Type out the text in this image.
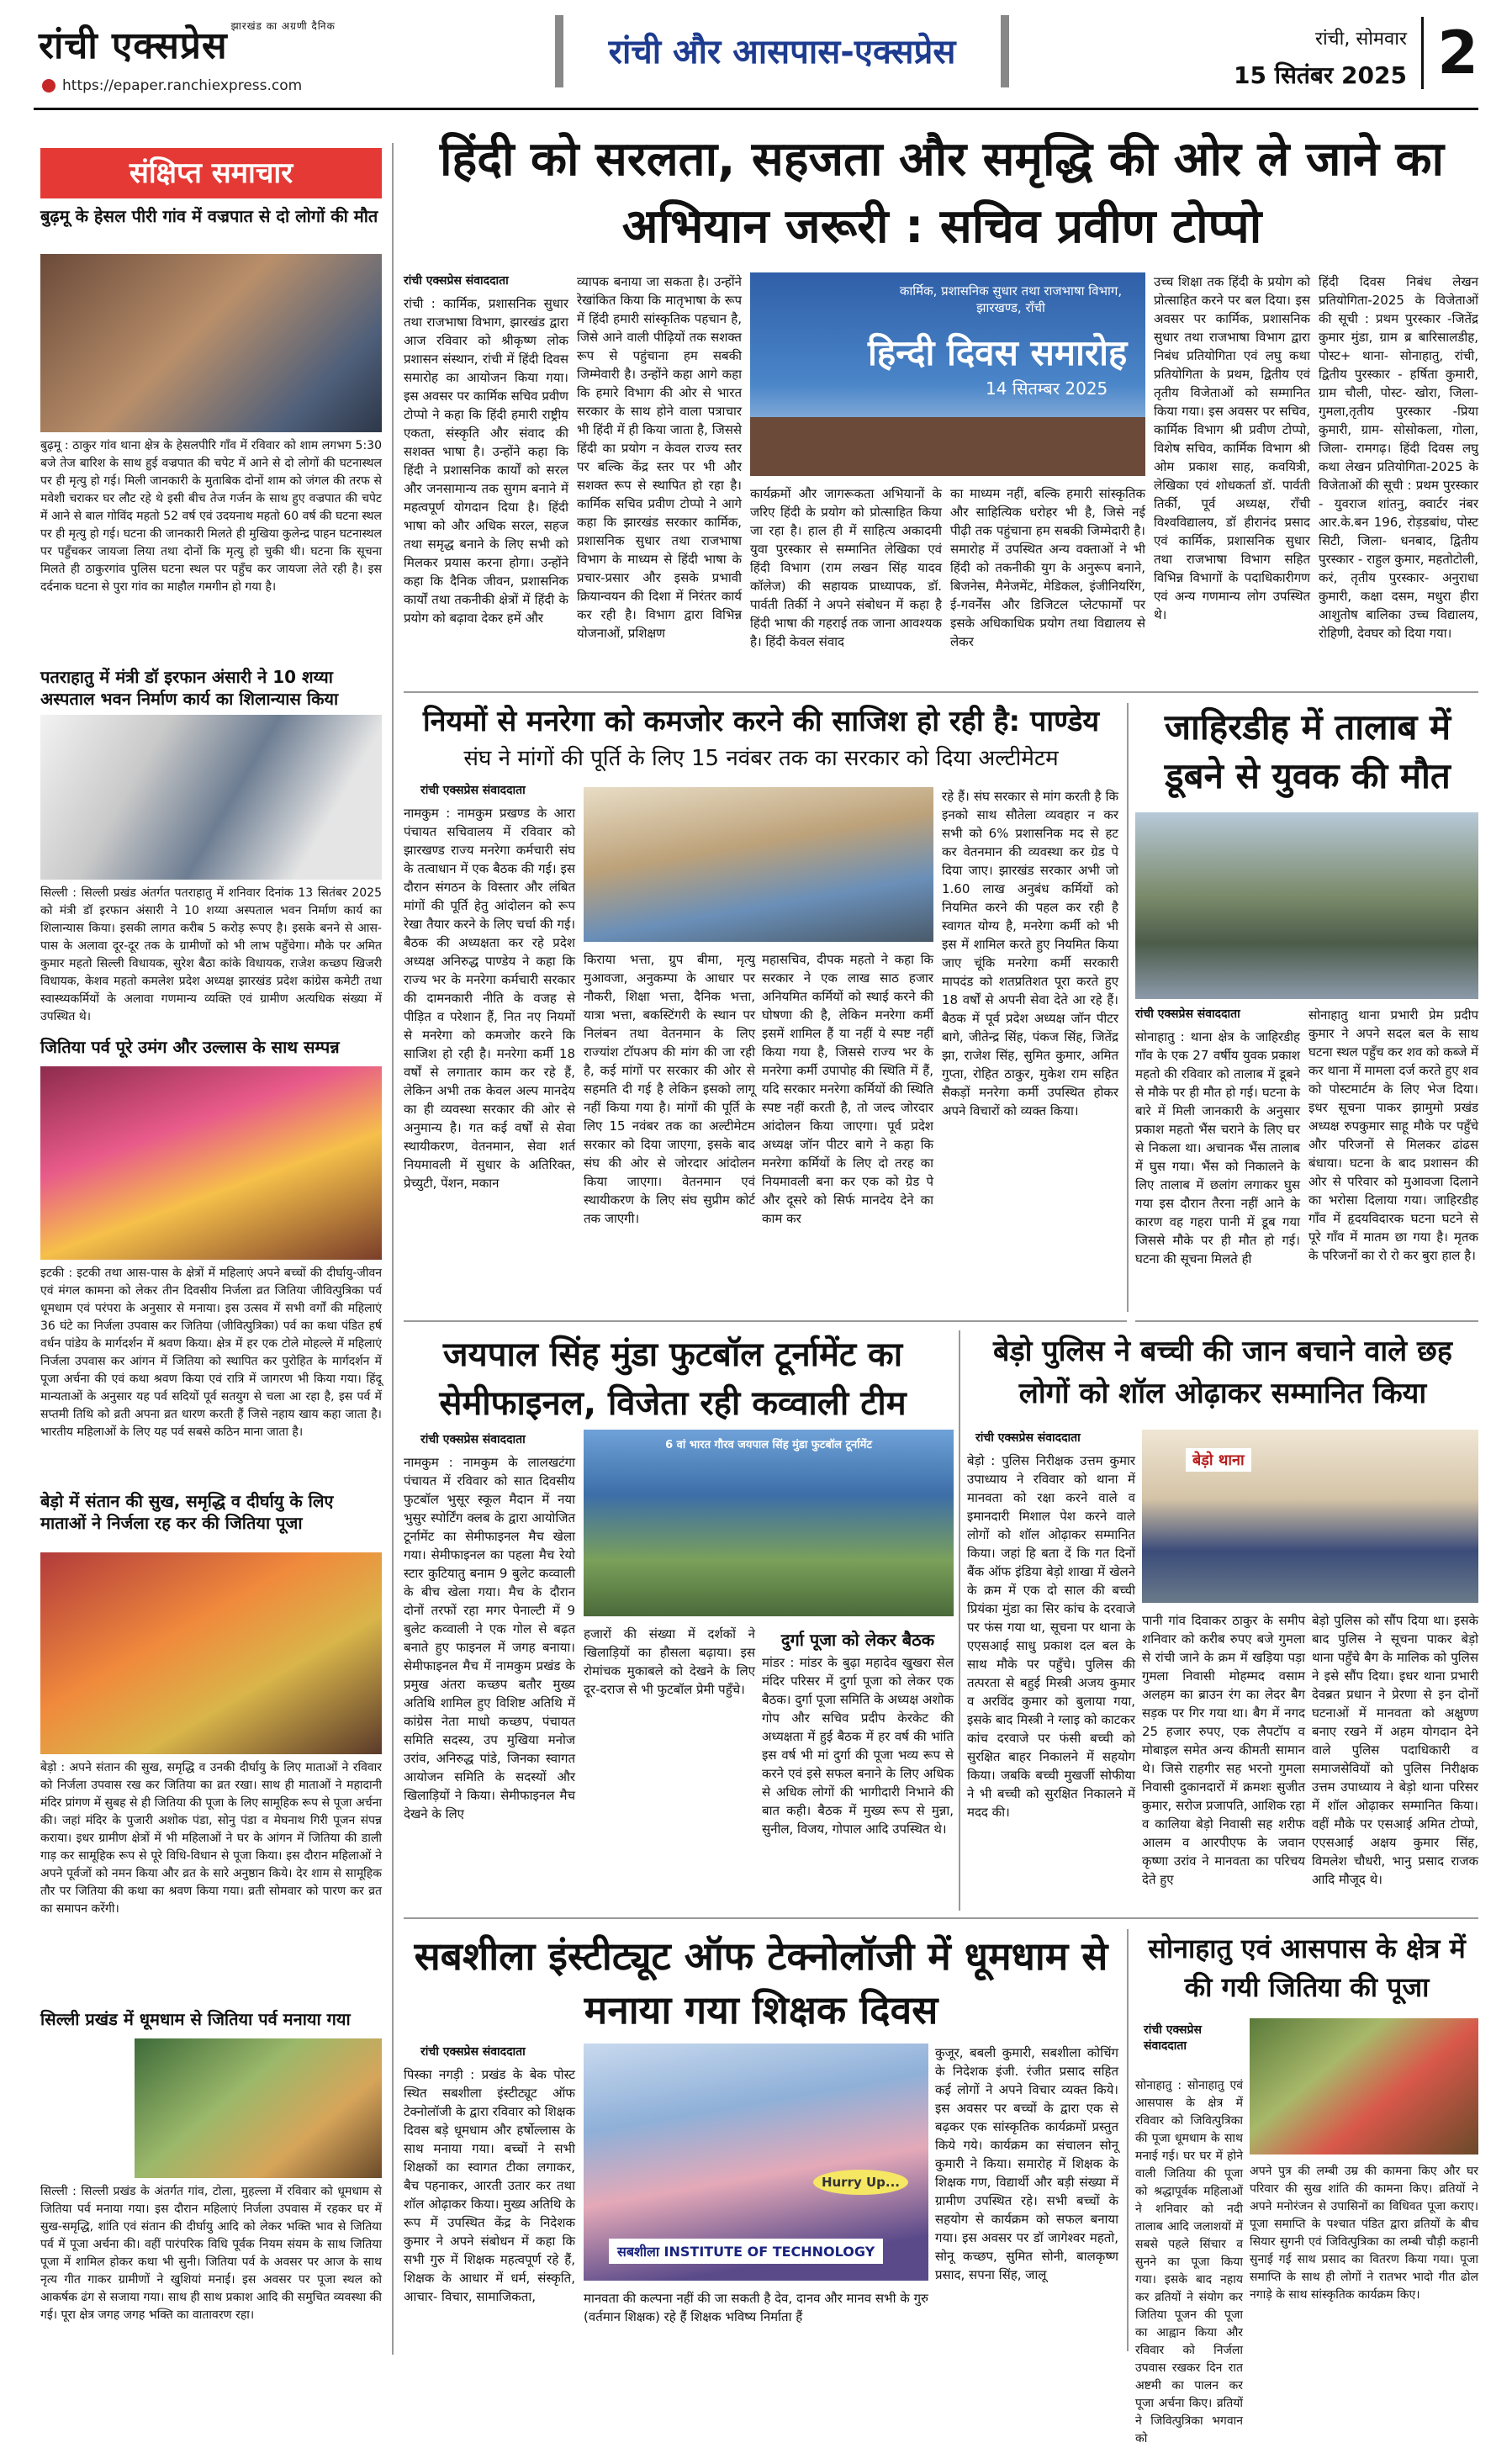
रांची एक्सप्रेस $^{झारखंड का अग्रणी दैनिक}$
https://epaper.ranchiexpress.com
रांची और आसपास-एक्सप्रेस	रांची, सोमवार
15 सितंबर 2025 2
संक्षिप्त समाचार
बुढ़मू के हेसल पीरी गांव में वज्रपात से दो लोगों की मौत
बुढ़मू : ठाकुर गांव थाना क्षेत्र के हेसलपीरि गाँव में रविवार को शाम लगभग 5:30 बजे तेज बारिश के साथ हुई वज्रपात की चपेट में आने से दो लोगों की घटनास्थल पर ही मृत्यु हो गई। मिली जानकारी के मुताबिक दोनों शाम को जंगल की तरफ से मवेशी चराकर घर लौट रहे थे इसी बीच तेज गर्जन के साथ हुए वज्रपात की चपेट में आने से बाल गोविंद महतो 52 वर्ष एवं उदयनाथ महतो 60 वर्ष की घटना स्थल पर ही मृत्यु हो गई। घटना की जानकारी मिलते ही मुखिया कुलेन्द्र पाहन घटनास्थल पर पहुँचकर जायजा लिया तथा दोनों कि मृत्यु हो चुकी थी। घटना कि सूचना मिलते ही ठाकुरगांव पुलिस घटना स्थल पर पहुँच कर जायजा लेते रही है। इस दर्दनाक घटना से पुरा गांव का माहौल गमगीन हो गया है।
पतराहातु में मंत्री डॉ इरफान अंसारी ने 10 शय्या अस्पताल भवन निर्माण कार्य का शिलान्यास किया
सिल्ली : सिल्ली प्रखंड अंतर्गत पतराहातु में शनिवार दिनांक 13 सितंबर 2025 को मंत्री डॉ इरफान अंसारी ने 10 शय्या अस्पताल भवन निर्माण कार्य का शिलान्यास किया। इसकी लागत करीब 5 करोड़ रूपए है। इसके बनने से आस-पास के अलावा दूर-दूर तक के ग्रामीणों को भी लाभ पहुँचेगा। मौके पर अमित कुमार महतो सिल्ली विधायक, सुरेश बैठा कांके विधायक, राजेश कच्छप खिजरी विधायक, केशव महतो कमलेश प्रदेश अध्यक्ष झारखंड प्रदेश कांग्रेस कमेटी तथा स्वास्थ्यकर्मियों के अलावा गणमान्य व्यक्ति एवं ग्रामीण अत्यधिक संख्या में उपस्थित थे।
जितिया पर्व पूरे उमंग और उल्लास के साथ सम्पन्न
इटकी : इटकी तथा आस-पास के क्षेत्रों में महिलाएं अपने बच्चों की दीर्घायु-जीवन एवं मंगल कामना को लेकर तीन दिवसीय निर्जला व्रत जितिया जीवित्पुत्रिका पर्व धूमधाम एवं परंपरा के अनुसार से मनाया। इस उत्सव में सभी वर्गों की महिलाएं 36 घंटे का निर्जला उपवास कर जितिया (जीवित्पुत्रिका) पर्व का कथा पंडित हर्ष वर्धन पांडेय के मार्गदर्शन में श्रवण किया। क्षेत्र में हर एक टोले मोहल्ले में महिलाएं निर्जला उपवास कर आंगन में जितिया को स्थापित कर पुरोहित के मार्गदर्शन में पूजा अर्चना की एवं कथा श्रवण किया एवं रात्रि में जागरण भी किया गया। हिंदू मान्यताओं के अनुसार यह पर्व सदियों पूर्व सतयुग से चला आ रहा है, इस पर्व में सप्तमी तिथि को व्रती अपना व्रत धारण करती हैं जिसे नहाय खाय कहा जाता है। भारतीय महिलाओं के लिए यह पर्व सबसे कठिन माना जाता है।
बेड़ो में संतान की सुख, समृद्धि व दीर्घायु के लिए माताओं ने निर्जला रह कर की जितिया पूजा
बेड़ो : अपने संतान की सुख, समृद्धि व उनकी दीर्घायु के लिए माताओं ने रविवार को निर्जला उपवास रख कर जितिया का व्रत रखा। साथ ही माताओं ने महादानी मंदिर प्रांगण में सुबह से ही जितिया की पूजा के लिए सामूहिक रूप से पूजा अर्चना की। जहां मंदिर के पुजारी अशोक पंडा, सोनु पंडा व मेघनाथ गिरी पूजन संपन्न कराया। इधर ग्रामीण क्षेत्रों में भी महिलाओं ने घर के आंगन में जितिया की डाली गाड़ कर सामूहिक रूप से पूरे विधि-विधान से पूजा किया। इस दौरान महिलाओं ने अपने पूर्वजों को नमन किया और व्रत के सारे अनुष्ठान किये। देर शाम से सामूहिक तौर पर जितिया की कथा का श्रवण किया गया। व्रती सोमवार को पारण कर व्रत का समापन करेंगी।
सिल्ली प्रखंड में धूमधाम से जितिया पर्व मनाया गया
सिल्ली : सिल्ली प्रखंड के अंतर्गत गांव, टोला, मुहल्ला में रविवार को धूमधाम से जितिया पर्व मनाया गया। इस दौरान महिलाएं निर्जला उपवास में रहकर घर में सुख-समृद्धि, शांति एवं संतान की दीर्घायु आदि को लेकर भक्ति भाव से जितिया पर्व में पूजा अर्चना की। वहीं पारंपरिक विधि पूर्वक नियम संयम के साथ जितिया पूजा में शामिल होकर कथा भी सुनी। जितिया पर्व के अवसर पर आज के साथ नृत्य गीत गाकर ग्रामीणों ने खुशियां मनाई। इस अवसर पर पूजा स्थल को आकर्षक ढंग से सजाया गया। साथ ही साथ प्रकाश आदि की समुचित व्यवस्था की गई। पूरा क्षेत्र जगह जगह भक्ति का वातावरण रहा।
हिंदी को सरलता, सहजता और समृद्धि की ओर ले जाने का अभियान जरूरी : सचिव प्रवीण टोप्पो
रांची एक्सप्रेस संवाददाता
रांची : कार्मिक, प्रशासनिक सुधार तथा राजभाषा विभाग, झारखंड द्वारा आज रविवार को श्रीकृष्ण लोक प्रशासन संस्थान, रांची में हिंदी दिवस समारोह का आयोजन किया गया। इस अवसर पर कार्मिक सचिव प्रवीण टोप्पो ने कहा कि हिंदी हमारी राष्ट्रीय एकता, संस्कृति और संवाद की सशक्त भाषा है। उन्होंने कहा कि हिंदी ने प्रशासनिक कार्यों को सरल और जनसामान्य तक सुगम बनाने में महत्वपूर्ण योगदान दिया है। हिंदी भाषा को और अधिक सरल, सहज तथा समृद्ध बनाने के लिए सभी को मिलकर प्रयास करना होगा। उन्होंने कहा कि दैनिक जीवन, प्रशासनिक कार्यों तथा तकनीकी क्षेत्रों में हिंदी के प्रयोग को बढ़ावा देकर हमें और
व्यापक बनाया जा सकता है। उन्होंने रेखांकित किया कि मातृभाषा के रूप में हिंदी हमारी सांस्कृतिक पहचान है, जिसे आने वाली पीढ़ियों तक सशक्त रूप से पहुंचाना हम सबकी जिम्मेवारी है। उन्होंने कहा आगे कहा कि हमारे विभाग की ओर से भारत सरकार के साथ होने वाला पत्राचार भी हिंदी में ही किया जाता है, जिससे हिंदी का प्रयोग न केवल राज्य स्तर पर बल्कि केंद्र स्तर पर भी और सशक्त रूप से स्थापित हो रहा है। कार्मिक सचिव प्रवीण टोप्पो ने आगे कहा कि झारखंड सरकार कार्मिक, प्रशासनिक सुधार तथा राजभाषा विभाग के माध्यम से हिंदी भाषा के प्रचार-प्रसार और इसके प्रभावी क्रियान्वयन की दिशा में निरंतर कार्य कर रही है। विभाग द्वारा विभिन्न योजनाओं, प्रशिक्षण
कार्मिक, प्रशासनिक सुधार तथा राजभाषा विभाग, झारखण्ड, राँची
हिन्दी दिवस समारोह
14 सितम्बर 2025
कार्यक्रमों और जागरूकता अभियानों के जरिए हिंदी के प्रयोग को प्रोत्साहित किया जा रहा है। हाल ही में साहित्य अकादमी युवा पुरस्कार से सम्मानित लेखिका एवं हिंदी विभाग (राम लखन सिंह यादव कॉलेज) की सहायक प्राध्यापक, डॉ. पार्वती तिर्की ने अपने संबोधन में कहा है हिंदी भाषा की गहराई तक जाना आवश्यक है। हिंदी केवल संवाद
का माध्यम नहीं, बल्कि हमारी सांस्कृतिक और साहित्यिक धरोहर भी है, जिसे नई पीढ़ी तक पहुंचाना हम सबकी जिम्मेदारी है। समारोह में उपस्थित अन्य वक्ताओं ने भी हिंदी को तकनीकी युग के अनुरूप बनाने, बिजनेस, मैनेजमेंट, मेडिकल, इंजीनियरिंग, ई-गवर्नेंस और डिजिटल प्लेटफार्मों पर इसके अधिकाधिक प्रयोग तथा विद्यालय से लेकर
उच्च शिक्षा तक हिंदी के प्रयोग को प्रोत्साहित करने पर बल दिया। इस अवसर पर कार्मिक, प्रशासनिक सुधार तथा राजभाषा विभाग द्वारा निबंध प्रतियोगिता एवं लघु कथा प्रतियोगिता के प्रथम, द्वितीय एवं तृतीय विजेताओं को सम्मानित किया गया। इस अवसर पर सचिव, कार्मिक विभाग श्री प्रवीण टोप्पो, विशेष सचिव, कार्मिक विभाग श्री ओम प्रकाश साह, कवयित्री, लेखिका एवं शोधकर्ता डॉ. पार्वती तिर्की, पूर्व अध्यक्ष, राँची विश्वविद्यालय, डॉ हीरानंद प्रसाद एवं कार्मिक, प्रशासनिक सुधार तथा राजभाषा विभाग सहित विभिन्न विभागों के पदाधिकारीगण एवं अन्य गणमान्य लोग उपस्थित थे।
हिंदी दिवस निबंध लेखन प्रतियोगिता-2025 के विजेताओं की सूची : प्रथम पुरस्कार -जितेंद्र कुमार मुंडा, ग्राम ब्र बारिसालडीह, पोस्ट+ थाना- सोनाहातु, रांची, द्वितीय पुरस्कार - हर्षिता कुमारी, ग्राम चौली, पोस्ट- खोरा, जिला- गुमला,तृतीय पुरस्कार -प्रिया कुमारी, ग्राम- सोसोकला, गोला, जिला- रामगढ़। हिंदी दिवस लघु कथा लेखन प्रतियोगिता-2025 के विजेताओं की सूची : प्रथम पुरस्कार - युवराज शांतनु, क्वार्टर नंबर आर.के.बन 196, रोड़डबांध, पोस्ट सिटी, जिला- धनबाद, द्वितीय पुरस्कार - राहुल कुमार, महतोटोली, करं, तृतीय पुरस्कार- अनुराधा कुमारी, कक्षा दसम, मधुरा हीरा आशुतोष बालिका उच्च विद्यालय, रोहिणी, देवघर को दिया गया।
नियमों से मनरेगा को कमजोर करने की साजिश हो रही है: पाण्डेय
संघ ने मांगों की पूर्ति के लिए 15 नवंबर तक का सरकार को दिया अल्टीमेटम
रांची एक्सप्रेस संवाददाता
नामकुम : नामकुम प्रखण्ड के आरा पंचायत सचिवालय में रविवार को झारखण्ड राज्य मनरेगा कर्मचारी संघ के तत्वाधान में एक बैठक की गई। इस दौरान संगठन के विस्तार और लंबित मांगों की पूर्ति हेतु आंदोलन को रूप रेखा तैयार करने के लिए चर्चा की गई। बैठक की अध्यक्षता कर रहे प्रदेश अध्यक्ष अनिरुद्ध पाण्डेय ने कहा कि राज्य भर के मनरेगा कर्मचारी सरकार की दामनकारी नीति के वजह से पीड़ित व परेशान हैं, नित नए नियमों से मनरेगा को कमजोर करने कि साजिश हो रही है। मनरेगा कर्मी 18 वर्षों से लगातार काम कर रहे हैं, लेकिन अभी तक केवल अल्प मानदेय का ही व्यवस्था सरकार की ओर से अनुमान्य है। गत कई वर्षों से सेवा स्थायीकरण, वेतनमान, सेवा शर्त नियमावली में सुधार के अतिरिक्त, प्रेच्युटी, पेंशन, मकान
किराया भत्ता, ग्रुप बीमा, मृत्यु मुआवजा, अनुकम्पा के आधार पर नौकरी, शिक्षा भत्ता, दैनिक भत्ता, यात्रा भत्ता, बकस्टिंगरी के स्थान पर निलंबन तथा वेतनमान के लिए राज्यांश टॉपअप की मांग की जा रही है, कई मांगों पर सरकार की ओर से सहमति दी गई है लेकिन इसको लागू नहीं किया गया है। मांगों की पूर्ति के लिए 15 नवंबर तक का अल्टीमेटम सरकार को दिया जाएगा, इसके बाद संघ की ओर से जोरदार आंदोलन किया जाएगा। वेतनमान एवं स्थायीकरण के लिए संघ सुप्रीम कोर्ट तक जाएगी।
महासचिव, दीपक महतो ने कहा कि सरकार ने एक लाख साठ हजार अनियमित कर्मियों को स्थाई करने की घोषणा की है, लेकिन मनरेगा कर्मी इसमें शामिल हैं या नहीं ये स्पष्ट नहीं किया गया है, जिससे राज्य भर के मनरेगा कर्मी उपापोह की स्थिति में हैं, यदि सरकार मनरेगा कर्मियों की स्थिति स्पष्ट नहीं करती है, तो जल्द जोरदार आंदोलन किया जाएगा। पूर्व प्रदेश अध्यक्ष जॉन पीटर बागे ने कहा कि मनरेगा कर्मियों के लिए दो तरह का नियमावली बना कर एक को ग्रेड पे और दूसरे को सिर्फ मानदेय देने का काम कर
रहे हैं। संघ सरकार से मांग करती है कि इनको साथ सौतेला व्यवहार न कर सभी को 6% प्रशासनिक मद से हट कर वेतनमान की व्यवस्था कर ग्रेड पे दिया जाए। झारखंड सरकार अभी जो 1.60 लाख अनुबंध कर्मियों को नियमित करने की पहल कर रही है स्वागत योग्य है, मनरेगा कर्मी को भी इस में शामिल करते हुए नियमित किया जाए चूंकि मनरेगा कर्मी सरकारी मापदंड को शतप्रतिशत पूरा करते हुए 18 वर्षों से अपनी सेवा देते आ रहे हैं। बैठक में पूर्व प्रदेश अध्यक्ष जॉन पीटर बागे, जीतेन्द्र सिंह, पंकज सिंह, जितेंद्र झा, राजेश सिंह, सुमित कुमार, अमित गुप्ता, रोहित ठाकुर, मुकेश राम सहित सैकड़ों मनरेगा कर्मी उपस्थित होकर अपने विचारों को व्यक्त किया।
जाहिरडीह में तालाब में डूबने से युवक की मौत
रांची एक्सप्रेस संवाददाता
सोनाहातु : थाना क्षेत्र के जाहिरडीह गाँव के एक 27 वर्षीय युवक प्रकाश महतो की रविवार को तालाब में डूबने से मौके पर ही मौत हो गई। घटना के बारे में मिली जानकारी के अनुसार प्रकाश महतो भैंस चराने के लिए घर से निकला था। अचानक भैंस तालाब में घुस गया। भैंस को निकालने के लिए तालाब में छलांग लगाकर घुस गया इस दौरान तैरना नहीं आने के कारण वह गहरा पानी में डूब गया जिससे मौके पर ही मौत हो गई। घटना की सूचना मिलते ही
सोनाहातु थाना प्रभारी प्रेम प्रदीप कुमार ने अपने सदल बल के साथ घटना स्थल पहुँच कर शव को कब्जे में कर थाना में मामला दर्ज करते हुए शव को पोस्टमार्टम के लिए भेज दिया। इधर सूचना पाकर झामुमो प्रखंड अध्यक्ष रुपकुमार साहू मौके पर पहुँचे और परिजनों से मिलकर ढांढस बंधाया। घटना के बाद प्रशासन की ओर से परिवार को मुआवजा दिलाने का भरोसा दिलाया गया। जाहिरडीह गाँव में हृदयविदारक घटना घटने से पूरे गाँव में मातम छा गया है। मृतक के परिजनों का रो रो कर बुरा हाल है।
जयपाल सिंह मुंडा फुटबॉल टूर्नामेंट का सेमीफाइनल, विजेता रही कव्वाली टीम
रांची एक्सप्रेस संवाददाता
नामकुम : नामकुम के लालखटंगा पंचायत में रविवार को सात दिवसीय फुटबॉल भुसूर स्कूल मैदान में नया भुसुर स्पोर्टिंग क्लब के द्वारा आयोजित टूर्नामेंट का सेमीफाइनल मैच खेला गया। सेमीफाइनल का पहला मैच रेयो स्टार कुटियातु बनाम 9 बुलेट कव्वाली के बीच खेला गया। मैच के दौरान दोनों तरफों रहा मगर पेनाल्टी में 9 बुलेट कव्वाली ने एक गोल से बढ़त बनाते हुए फाइनल में जगह बनाया। सेमीफाइनल मैच में नामकुम प्रखंड के प्रमुख अंतरा कच्छप बतौर मुख्य अतिथि शामिल हुए विशिष्ट अतिथि में कांग्रेस नेता माधो कच्छप, पंचायत समिति सदस्य, उप मुखिया मनोज उरांव, अनिरुद्ध पांडे, जिनका स्वागत आयोजन समिति के सदस्यों और खिलाड़ियों ने किया। सेमीफाइनल मैच देखने के लिए
6 वां भारत गौरव जयपाल सिंह मुंडा फुटबॉल टूर्नामेंट
हजारों की संख्या में दर्शकों ने खिलाड़ियों का हौसला बढ़ाया। इस रोमांचक मुकाबले को देखने के लिए दूर-दराज से भी फुटबॉल प्रेमी पहुँचे।
दुर्गा पूजा को लेकर बैठक
मांडर : मांडर के बुढ़ा महादेव खुखरा सेल मंदिर परिसर में दुर्गा पूजा को लेकर एक बैठक। दुर्गा पूजा समिति के अध्यक्ष अशोक गोप और सचिव प्रदीप केरकेट की अध्यक्षता में हुई बैठक में हर वर्ष की भांति इस वर्ष भी मां दुर्गा की पूजा भव्य रूप से करने एवं इसे सफल बनाने के लिए अधिक से अधिक लोगों की भागीदारी निभाने की बात कही। बैठक में मुख्य रूप से मुन्ना, सुनील, विजय, गोपाल आदि उपस्थित थे।
बेड़ो पुलिस ने बच्ची की जान बचाने वाले छह लोगों को शॉल ओढ़ाकर सम्मानित किया
रांची एक्सप्रेस संवाददाता
बेड़ो : पुलिस निरीक्षक उत्तम कुमार उपाध्याय ने रविवार को थाना में मानवता को रक्षा करने वाले व इमानदारी मिशाल पेश करने वाले लोगों को शॉल ओढ़ाकर सम्मानित किया। जहां हि बता दें कि गत दिनों बैंक ऑफ इंडिया बेड़ो शाखा में खेलने के क्रम में एक दो साल की बच्ची प्रियंका मुंडा का सिर कांच के दरवाजे पर फंस गया था, सूचना पर थाना के एएसआई साधु प्रकाश दल बल के साथ मौके पर पहुँचे। पुलिस की तत्परता से बहुई मिस्त्री अजय कुमार व अरविंद कुमार को बुलाया गया, इसके बाद मिस्त्री ने ग्लाइ को काटकर कांच दरवाजे पर फंसी बच्ची को सुरक्षित बाहर निकालने में सहयोग किया। जबकि बच्ची मुखर्जी सोफीया ने भी बच्ची को सुरक्षित निकालने में मदद की।
बेड़ो थाना
पानी गांव दिवाकर ठाकुर के समीप शनिवार को करीब रुपए बजे गुमला से रांची जाने के क्रम में खड़िया पड़ा गुमला निवासी मोहम्मद वसाम अलहम का ब्राउन रंग का लेदर बैग सड़क पर गिर गया था। बैग में नगद 25 हजार रुपए, एक लैपटॉप व मोबाइल समेत अन्य कीमती सामान थे। जिसे राहगीर सह भरनो गुमला निवासी दुकानदारों में क्रमशः सुजीत कुमार, सरोज प्रजापति, आशिक रहा व कालिया बेड़ो निवासी सह शरीफ आलम व आरपीएफ के जवान कृष्णा उरांव ने मानवता का परिचय देते हुए
बेड़ो पुलिस को सौंप दिया था। इसके बाद पुलिस ने सूचना पाकर बेड़ो थाना पहुँचे बैग के मालिक को पुलिस ने इसे सौंप दिया। इधर थाना प्रभारी देवब्रत प्रधान ने प्रेरणा से इन दोनों घटनाओं में मानवता को अक्षुण्ण बनाए रखने में अहम योगदान देने वाले पुलिस पदाधिकारी व समाजसेवियों को पुलिस निरीक्षक उत्तम उपाध्याय ने बेड़ो थाना परिसर में शॉल ओढ़ाकर सम्मानित किया। वहीं मौके पर एसआई अमित टोप्पो, एएसआई अक्षय कुमार सिंह, विमलेश चौधरी, भानु प्रसाद राजक आदि मौजूद थे।
सबशीला इंस्टीट्यूट ऑफ टेक्नोलॉजी में धूमधाम से मनाया गया शिक्षक दिवस
रांची एक्सप्रेस संवाददाता
पिस्का नगड़ी : प्रखंड के बेक पोस्ट स्थित सबशीला इंस्टीट्यूट ऑफ टेक्नोलॉजी के द्वारा रविवार को शिक्षक दिवस बड़े धूमधाम और हर्षोल्लास के साथ मनाया गया। बच्चों ने सभी शिक्षकों का स्वागत टीका लगाकर, बैच पहनाकर, आरती उतार कर तथा शॉल ओढ़ाकर किया। मुख्य अतिथि के रूप में उपस्थित केंद्र के निदेशक कुमार ने अपने संबोधन में कहा कि सभी गुरु में शिक्षक महत्वपूर्ण रहे हैं, शिक्षक के आधार में धर्म, संस्कृति, आचार- विचार, सामाजिकता,
सबशीला INSTITUTE OF TECHNOLOGY
Hurry Up...
मानवता की कल्पना नहीं की जा सकती है देव, दानव और मानव सभी के गुरु (वर्तमान शिक्षक) रहे हैं शिक्षक भविष्य निर्माता हैं
कुजूर, बबली कुमारी, सबशीला कोचिंग के निदेशक इंजी. रंजीत प्रसाद सहित कई लोगों ने अपने विचार व्यक्त किये। इस अवसर पर बच्चों के द्वारा एक से बढ़कर एक सांस्कृतिक कार्यक्रमों प्रस्तुत किये गये। कार्यक्रम का संचालन सोनू कुमारी ने किया। समारोह में शिक्षक के शिक्षक गण, विद्यार्थी और बड़ी संख्या में ग्रामीण उपस्थित रहे। सभी बच्चों के सहयोग से कार्यक्रम को सफल बनाया गया। इस अवसर पर डॉ जागेश्वर महतो, सोनू कच्छप, सुमित सोनी, बालकृष्ण प्रसाद, सपना सिंह, जालू
सोनाहातु एवं आसपास के क्षेत्र में की गयी जितिया की पूजा
रांची एक्सप्रेस संवाददाता
सोनाहातु : सोनाहातु एवं आसपास के क्षेत्र में रविवार को जिवित्पुत्रिका की पूजा धूमधाम के साथ मनाई गई। घर घर में होने वाली जितिया की पूजा को श्रद्धापूर्वक महिलाओं ने शनिवार को नदी तालाब आदि जलाशयों में सबसे पहले सिंचार व सुनने का पूजा किया गया। इसके बाद नहाय कर व्रतियों ने संयोग कर जितिया पूजन की पूजा का आह्वान किया और रविवार को निर्जला उपवास रखकर दिन रात अष्टमी का पालन कर पूजा अर्चना किए। व्रतियों ने जिवित्पुत्रिका भगवान को
अपने पुत्र की लम्बी उम्र की कामना किए और घर परिवार की सुख शांति की कामना किए। व्रतियों ने अपने मनोरंजन से उपासिनों का विधिवत पूजा कराए। पूजा समाप्ति के पश्चात पंडित द्वारा व्रतियों के बीच सियार सुगनी एवं जिवित्पुत्रिका का लम्बी चौड़ी कहानी सुनाई गई साथ प्रसाद का वितरण किया गया। पूजा समाप्ति के साथ ही लोगों ने रातभर भादो गीत ढोल नगाड़े के साथ सांस्कृतिक कार्यक्रम किए।
